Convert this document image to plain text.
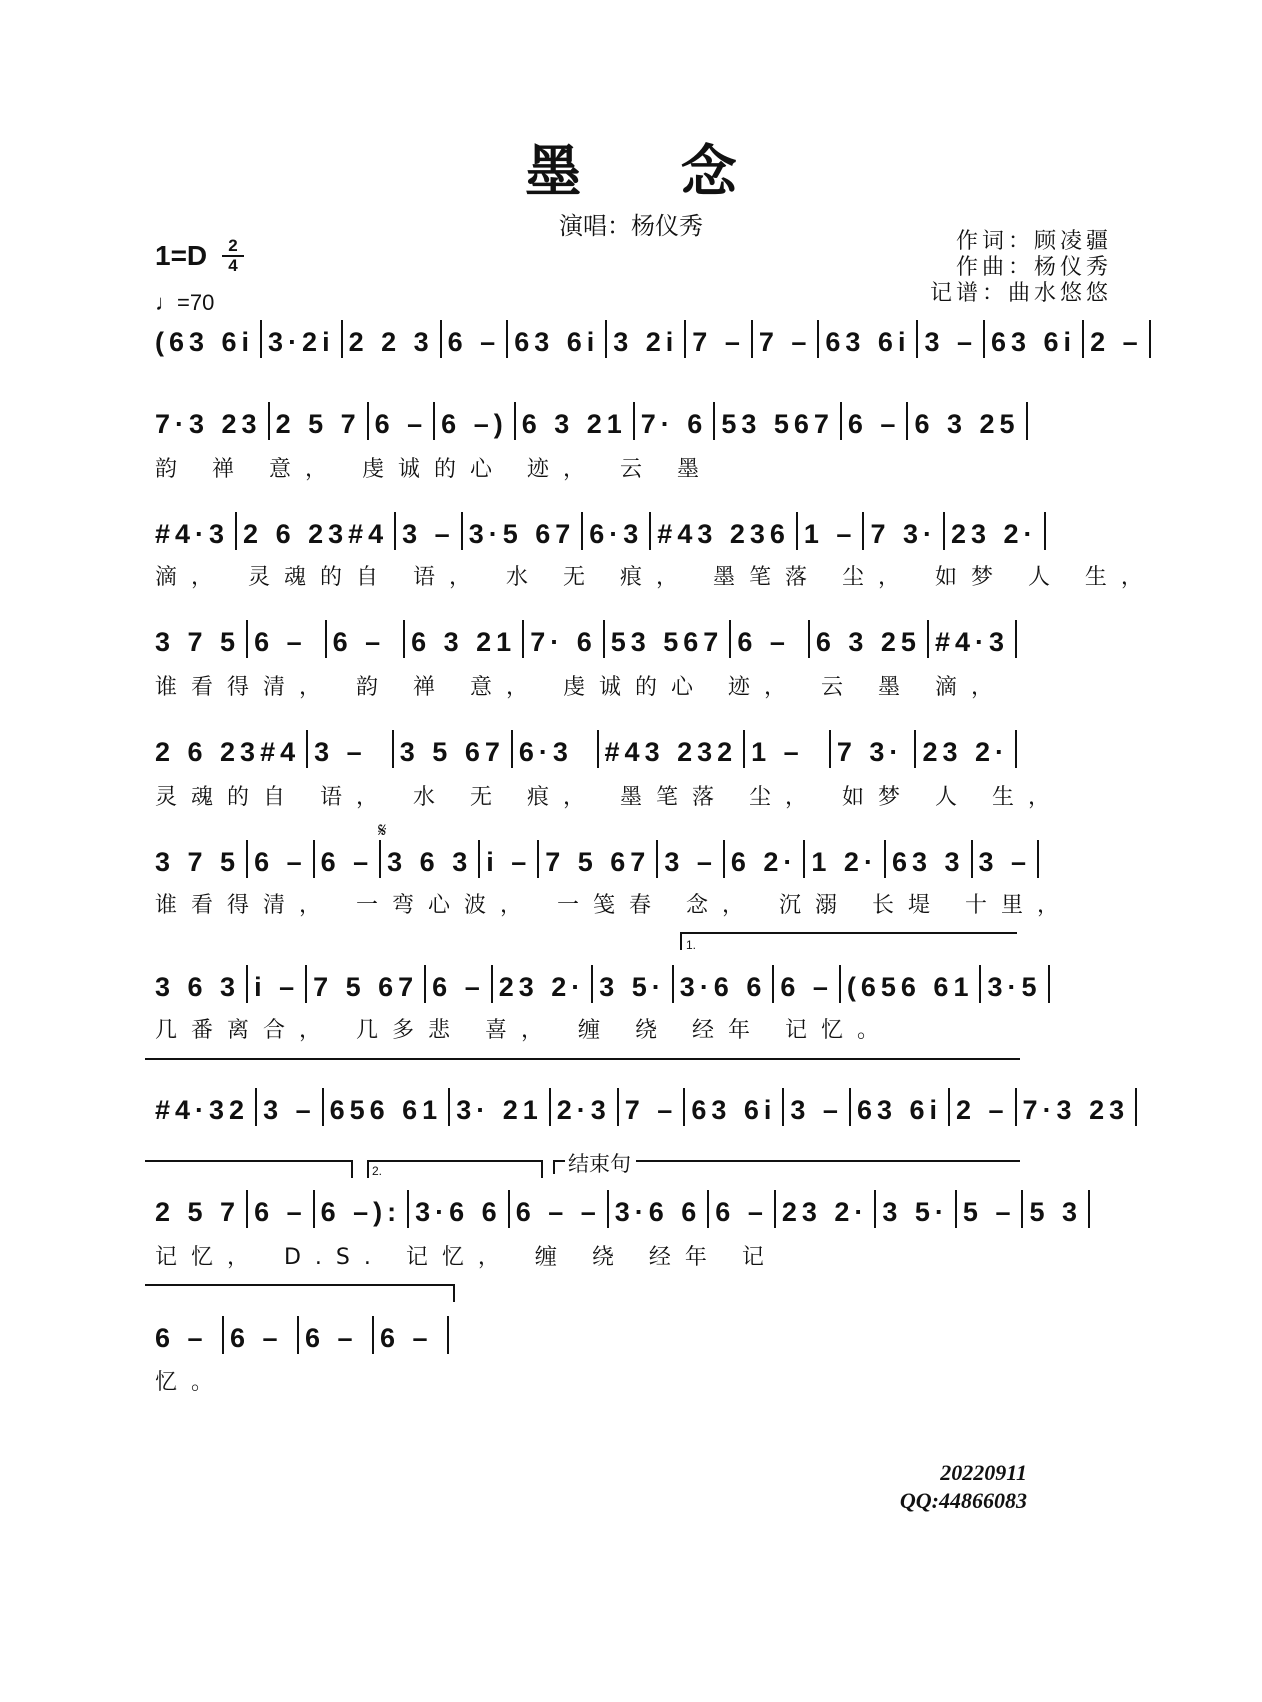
墨 念
演唱：杨仪秀
1=D	2
4
♩=70
作词：顾凌疆
作曲：杨仪秀
记谱：曲水悠悠
(63 6i 3·2i 2 2 3 6 – 63 6i 3 2i 7 – 7 – 63 6i 3 – 63 6i 2 –
7·3 23 2 5 7 6 – 6 –) 6 3 21 7· 6 53 567 6 – 6 3 25
#4·3 2 6 23#4 3 – 3·5 67 6·3 #43 236 1 – 7 3· 23 2·
3 7 5 6 – 6 – 6 3 21 7· 6 53 567 6 – 6 3 25 #4·3
2 6 23#4 3 –	3 5 67 6·3	#43 232 1 –	7 3· 23 2·
3 7 5 6 – 6 – 3 6 3 i – 7 5 67 3 – 6 2· 1 2· 63 3 3 –
3 6 3 i – 7 5 67 6 – 23 2· 3 5· 3·6 6 6 – (656 61 3·5
#4·32 3 – 656 61 3· 21 2·3 7 – 63 6i 3 – 63 6i 2 – 7·3 23
2 5 7 6 – 6 –): 3·6 6 6 – – 3·6 6 6 – 23 2· 3 5· 5 – 5 3
6 – 6 – 6 – 6 –
韵 禅 意， 虔诚的心 迹， 云 墨
滴， 灵魂的自 语， 水 无 痕， 墨笔落 尘， 如梦 人 生，
谁看得清， 韵 禅 意， 虔诚的心 迹， 云 墨 滴，
灵魂的自 语， 水 无 痕， 墨笔落 尘， 如梦 人 生，
谁看得清， 一弯心波， 一笺春 念， 沉溺 长堤 十里，
几番离合， 几多悲 喜， 缠 绕 经年 记忆。
记忆， D.S. 记忆， 缠 绕 经年 记
忆。
𝄋
1.
2.	结束句
20220911
QQ:44866083
